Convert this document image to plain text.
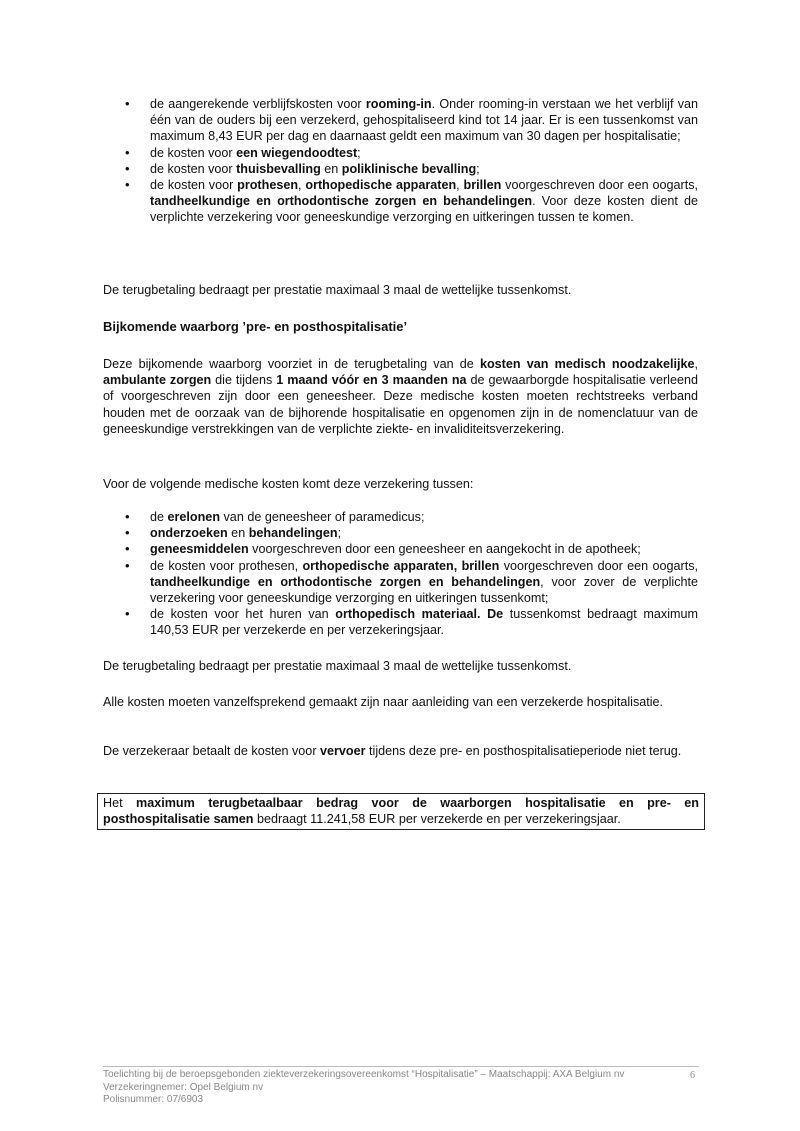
• de aangerekende verblijfskosten voor rooming-in. Onder rooming-in verstaan we het verblijf van één van de ouders bij een verzekerd, gehospitaliseerd kind tot 14 jaar. Er is een tussenkomst van maximum 8,43 EUR per dag en daarnaast geldt een maximum van 30 dagen per hospitalisatie;
• de kosten voor een wiegendoodtest;
• de kosten voor thuisbevalling en poliklinische bevalling;
• de kosten voor prothesen, orthopedische apparaten, brillen voorgeschreven door een oogarts, tandheelkundige en orthodontische zorgen en behandelingen. Voor deze kosten dient de verplichte verzekering voor geneeskundige verzorging en uitkeringen tussen te komen.
De terugbetaling bedraagt per prestatie maximaal 3 maal de wettelijke tussenkomst.
Bijkomende waarborg ’pre- en posthospitalisatie’
Deze bijkomende waarborg voorziet in de terugbetaling van de kosten van medisch noodzakelijke, ambulante zorgen die tijdens 1 maand vóór en 3 maanden na de gewaarborgde hospitalisatie verleend of voorgeschreven zijn door een geneesheer. Deze medische kosten moeten rechtstreeks verband houden met de oorzaak van de bijhorende hospitalisatie en opgenomen zijn in de nomenclatuur van de geneeskundige verstrekkingen van de verplichte ziekte- en invaliditeitsverzekering.
Voor de volgende medische kosten komt deze verzekering tussen:
• de erelonen van de geneesheer of paramedicus;
• onderzoeken en behandelingen;
• geneesmiddelen voorgeschreven door een geneesheer en aangekocht in de apotheek;
• de kosten voor prothesen, orthopedische apparaten, brillen voorgeschreven door een oogarts, tandheelkundige en orthodontische zorgen en behandelingen, voor zover de verplichte verzekering voor geneeskundige verzorging en uitkeringen tussenkomt;
• de kosten voor het huren van orthopedisch materiaal. De tussenkomst bedraagt maximum 140,53 EUR per verzekerde en per verzekeringsjaar.
De terugbetaling bedraagt per prestatie maximaal 3 maal de wettelijke tussenkomst.
Alle kosten moeten vanzelfsprekend gemaakt zijn naar aanleiding van een verzekerde hospitalisatie.
De verzekeraar betaalt de kosten voor vervoer tijdens deze pre- en posthospitalisatieperiode niet terug.
Het maximum terugbetaalbaar bedrag voor de waarborgen hospitalisatie en pre- en posthospitalisatie samen bedraagt 11.241,58 EUR per verzekerde en per verzekeringsjaar.
Toelichting bij de beroepsgebonden ziekteverzekeringsovereenkomst “Hospitalisatie” – Maatschappij: AXA Belgium nv
Verzekeringnemer: Opel Belgium nv
Polisnummer: 07/6903
6
